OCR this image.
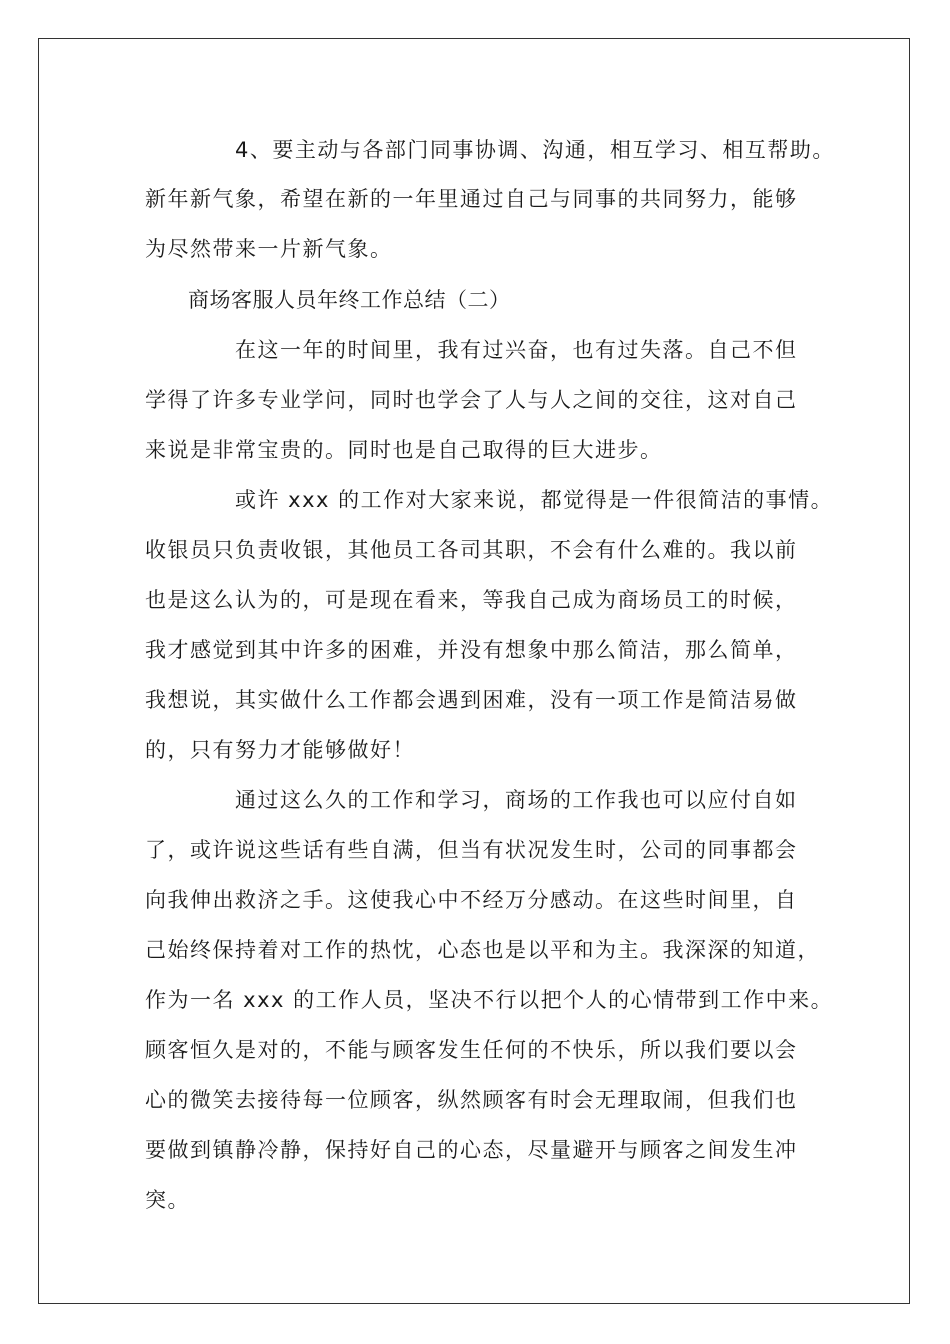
4、要主动与各部门同事协调、沟通，相互学习、相互帮助。
新年新气象，希望在新的一年里通过自己与同事的共同努力，能够
为尽然带来一片新气象。
商场客服人员年终工作总结（二）
在这一年的时间里，我有过兴奋，也有过失落。自己不但
学得了许多专业学问，同时也学会了人与人之间的交往，这对自己
来说是非常宝贵的。同时也是自己取得的巨大进步。
或许 xxx 的工作对大家来说，都觉得是一件很简洁的事情。
收银员只负责收银，其他员工各司其职，不会有什么难的。我以前
也是这么认为的，可是现在看来，等我自己成为商场员工的时候，
我才感觉到其中许多的困难，并没有想象中那么简洁，那么简单，
我想说，其实做什么工作都会遇到困难，没有一项工作是简洁易做
的，只有努力才能够做好！
通过这么久的工作和学习，商场的工作我也可以应付自如
了，或许说这些话有些自满，但当有状况发生时，公司的同事都会
向我伸出救济之手。这使我心中不经万分感动。在这些时间里，自
己始终保持着对工作的热忱，心态也是以平和为主。我深深的知道，
作为一名 xxx 的工作人员，坚决不行以把个人的心情带到工作中来。
顾客恒久是对的，不能与顾客发生任何的不快乐，所以我们要以会
心的微笑去接待每一位顾客，纵然顾客有时会无理取闹，但我们也
要做到镇静冷静，保持好自己的心态，尽量避开与顾客之间发生冲
突。
